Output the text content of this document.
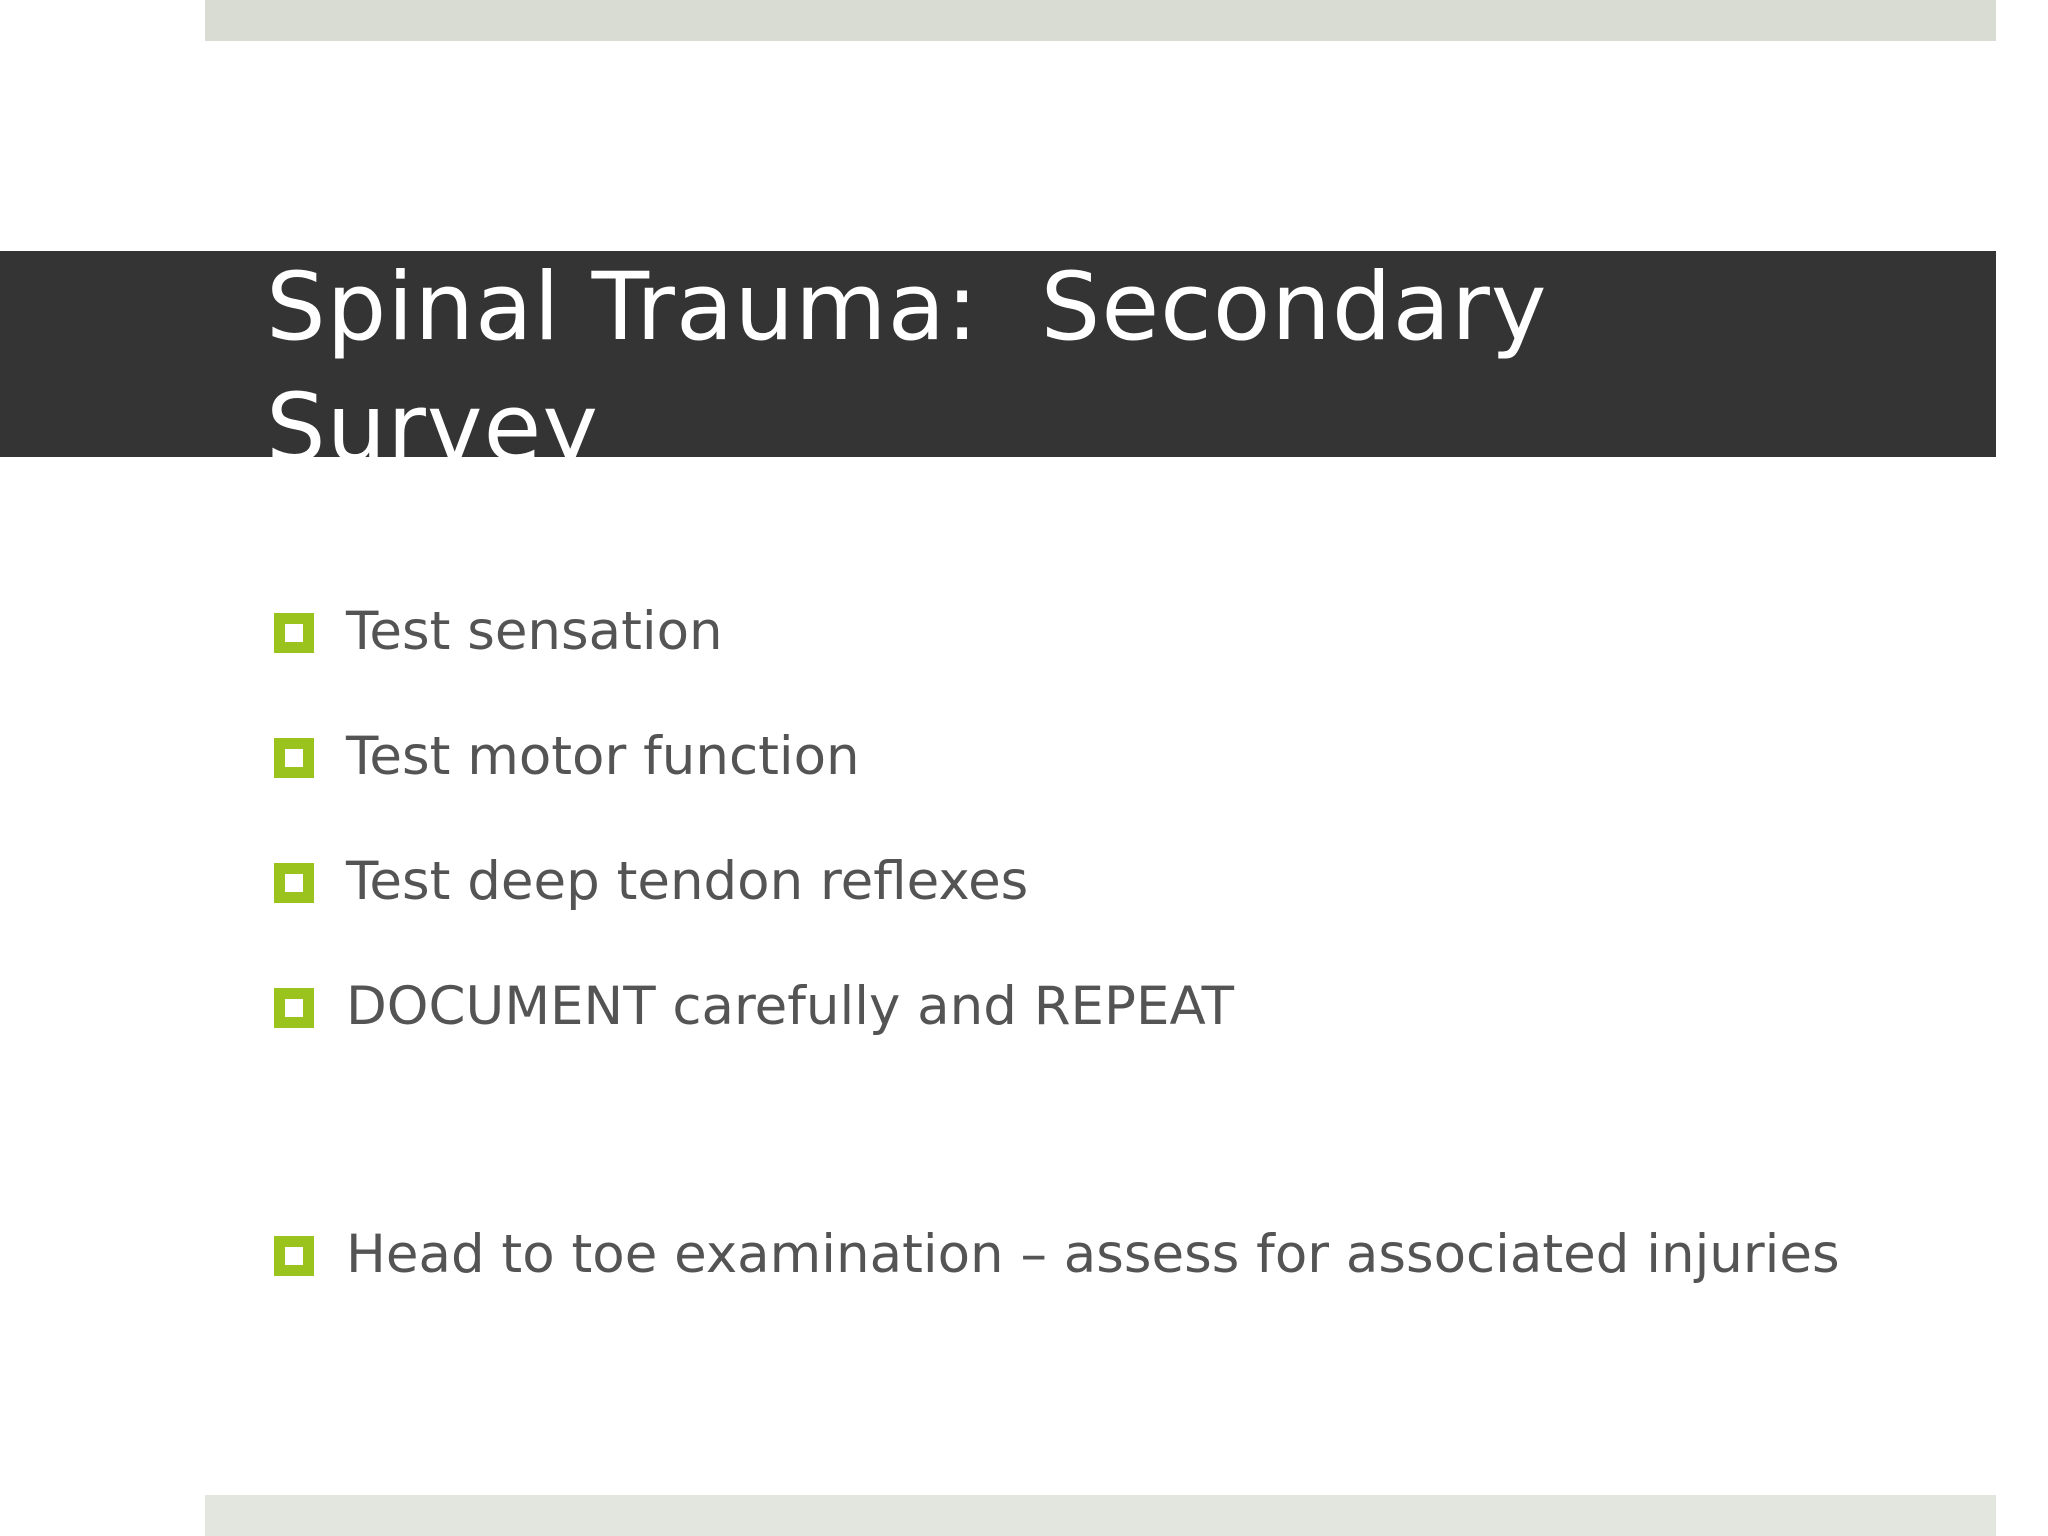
Spinal Trauma:  Secondary
Survey
Test sensation
Test motor function
Test deep tendon reflexes
DOCUMENT carefully and REPEAT
Head to toe examination – assess for associated injuries
